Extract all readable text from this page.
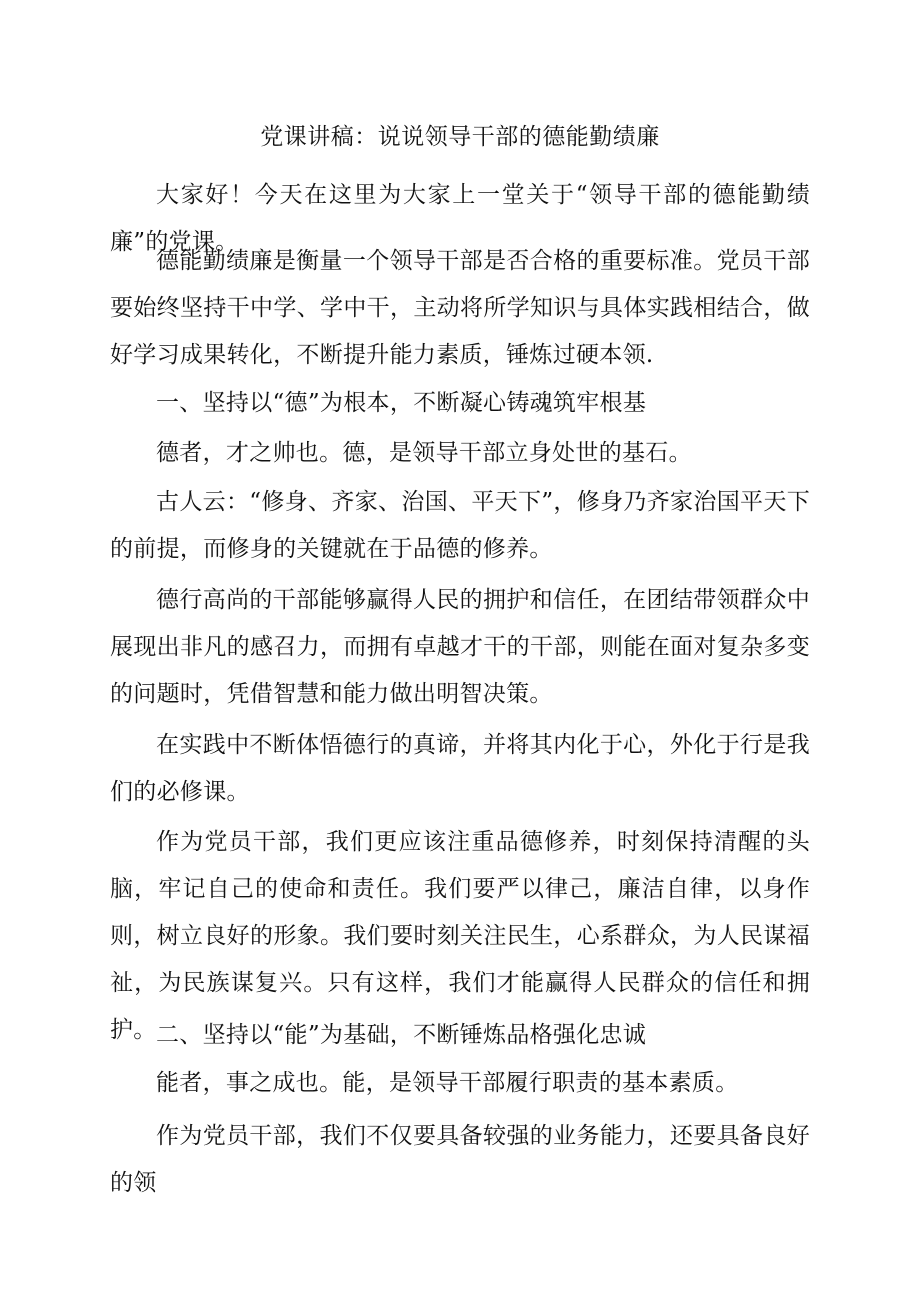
党课讲稿：说说领导干部的德能勤绩廉

大家好！今天在这里为大家上一堂关于“领导干部的德能勤绩廉”的党课。

德能勤绩廉是衡量一个领导干部是否合格的重要标准。党员干部要始终坚持干中学、学中干，主动将所学知识与具体实践相结合，做好学习成果转化，不断提升能力素质，锤炼过硬本领.

一、坚持以“德”为根本，不断凝心铸魂筑牢根基

德者，才之帅也。德，是领导干部立身处世的基石。

古人云：“修身、齐家、治国、平天下”，修身乃齐家治国平天下的前提，而修身的关键就在于品德的修养。

德行高尚的干部能够赢得人民的拥护和信任，在团结带领群众中展现出非凡的感召力，而拥有卓越才干的干部，则能在面对复杂多变的问题时，凭借智慧和能力做出明智决策。

在实践中不断体悟德行的真谛，并将其内化于心，外化于行是我们的必修课。

作为党员干部，我们更应该注重品德修养，时刻保持清醒的头脑，牢记自己的使命和责任。我们要严以律己，廉洁自律，以身作则，树立良好的形象。我们要时刻关注民生，心系群众，为人民谋福祉，为民族谋复兴。只有这样，我们才能赢得人民群众的信任和拥护。 二、坚持以“能”为基础，不断锤炼品格强化忠诚

能者，事之成也。能，是领导干部履行职责的基本素质。

作为党员干部，我们不仅要具备较强的业务能力，还要具备良好的领
